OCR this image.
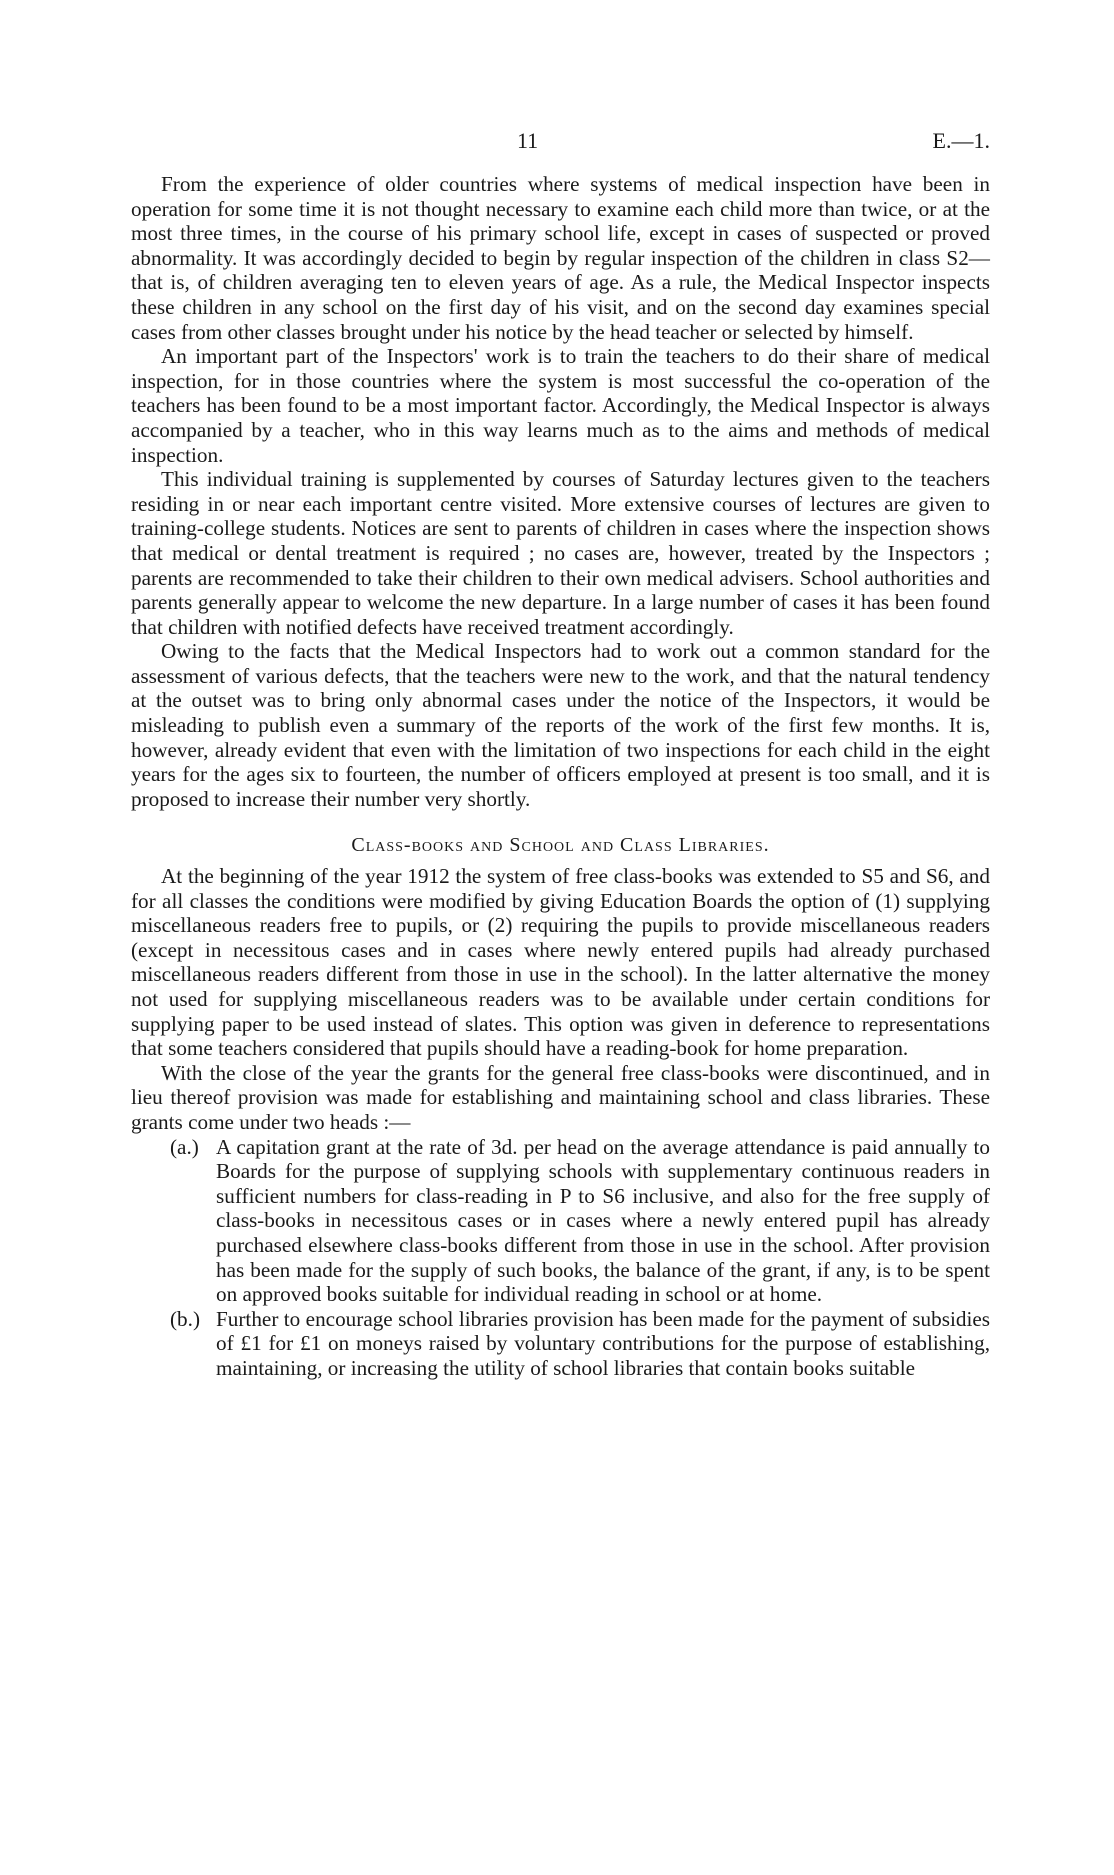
11	E.—1.

From the experience of older countries where systems of medical inspection have been in operation for some time it is not thought necessary to examine each child more than twice, or at the most three times, in the course of his primary school life, except in cases of suspected or proved abnormality. It was accordingly decided to begin by regular inspection of the children in class S2—that is, of children averaging ten to eleven years of age. As a rule, the Medical Inspector inspects these children in any school on the first day of his visit, and on the second day examines special cases from other classes brought under his notice by the head teacher or selected by himself.

An important part of the Inspectors' work is to train the teachers to do their share of medical inspection, for in those countries where the system is most successful the co-operation of the teachers has been found to be a most important factor. Accordingly, the Medical Inspector is always accompanied by a teacher, who in this way learns much as to the aims and methods of medical inspection.

This individual training is supplemented by courses of Saturday lectures given to the teachers residing in or near each important centre visited. More extensive courses of lectures are given to training-college students. Notices are sent to parents of children in cases where the inspection shows that medical or dental treatment is required ; no cases are, however, treated by the Inspectors ; parents are recommended to take their children to their own medical advisers. School authorities and parents generally appear to welcome the new departure. In a large number of cases it has been found that children with notified defects have received treatment accordingly.

Owing to the facts that the Medical Inspectors had to work out a common standard for the assessment of various defects, that the teachers were new to the work, and that the natural tendency at the outset was to bring only abnormal cases under the notice of the Inspectors, it would be misleading to publish even a summary of the reports of the work of the first few months. It is, however, already evident that even with the limitation of two inspections for each child in the eight years for the ages six to fourteen, the number of officers employed at present is too small, and it is proposed to increase their number very shortly.

Class-books and School and Class Libraries.

At the beginning of the year 1912 the system of free class-books was extended to S5 and S6, and for all classes the conditions were modified by giving Education Boards the option of (1) supplying miscellaneous readers free to pupils, or (2) requiring the pupils to provide miscellaneous readers (except in necessitous cases and in cases where newly entered pupils had already purchased miscellaneous readers different from those in use in the school). In the latter alternative the money not used for supplying miscellaneous readers was to be available under certain conditions for supplying paper to be used instead of slates. This option was given in deference to representations that some teachers considered that pupils should have a reading-book for home preparation.

With the close of the year the grants for the general free class-books were discontinued, and in lieu thereof provision was made for establishing and maintaining school and class libraries. These grants come under two heads :—

(a.) A capitation grant at the rate of 3d. per head on the average attendance is paid annually to Boards for the purpose of supplying schools with supplementary continuous readers in sufficient numbers for class-reading in P to S6 inclusive, and also for the free supply of class-books in necessitous cases or in cases where a newly entered pupil has already purchased elsewhere class-books different from those in use in the school. After provision has been made for the supply of such books, the balance of the grant, if any, is to be spent on approved books suitable for individual reading in school or at home.
(b.) Further to encourage school libraries provision has been made for the payment of subsidies of £1 for £1 on moneys raised by voluntary contributions for the purpose of establishing, maintaining, or increasing the utility of school libraries that contain books suitable
